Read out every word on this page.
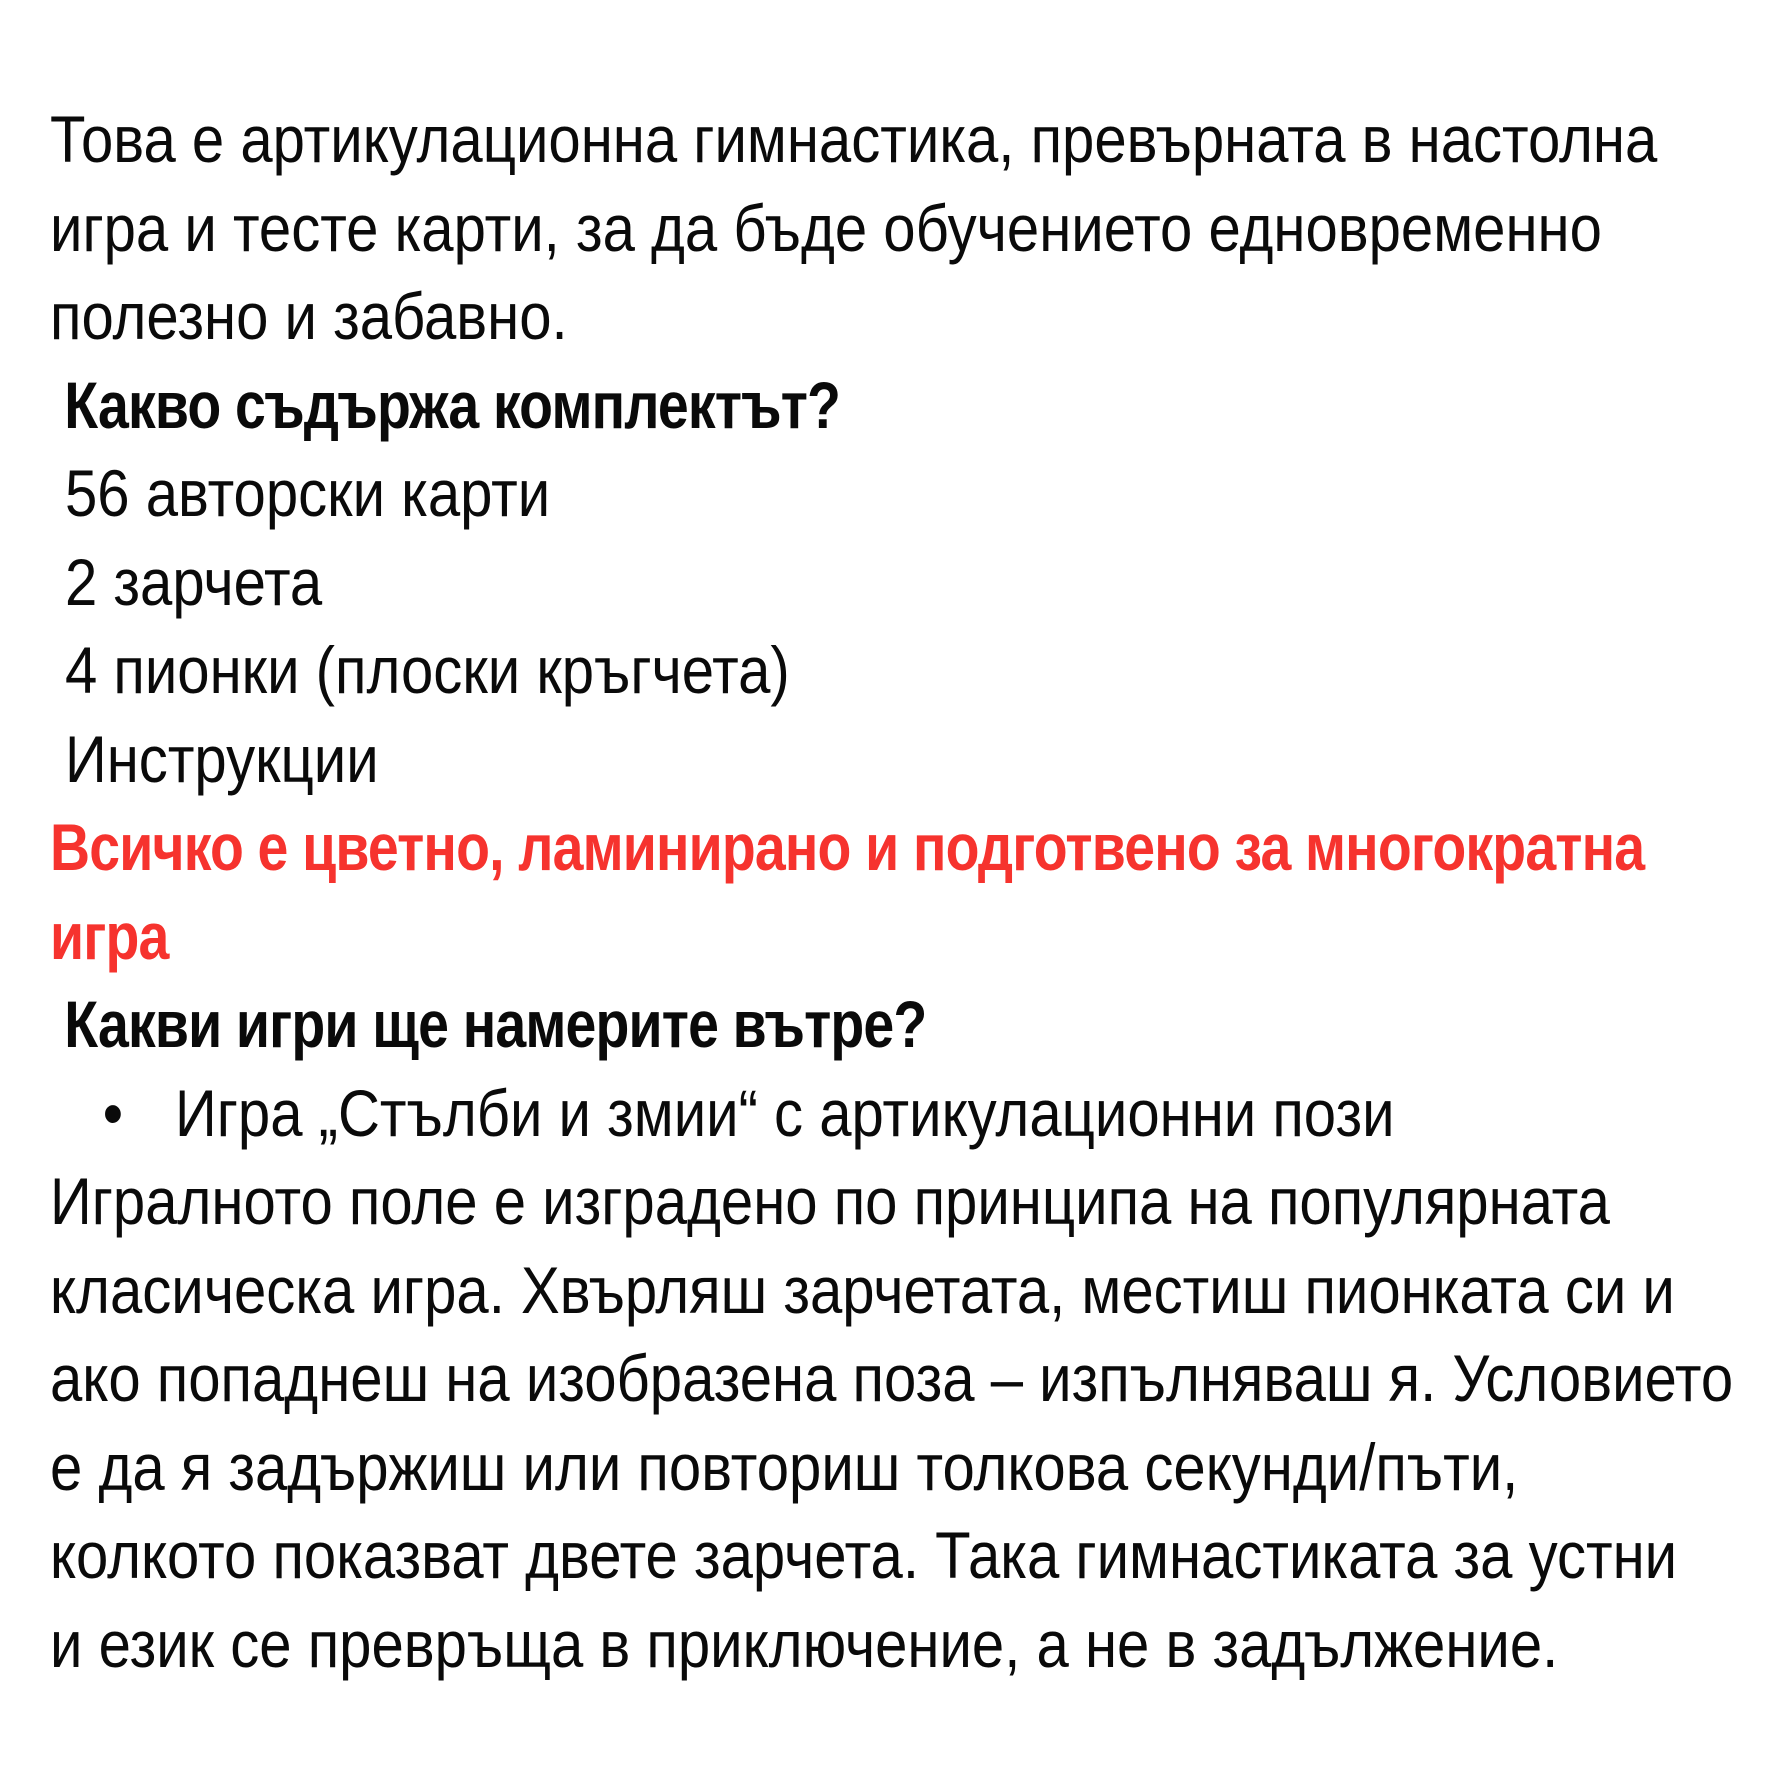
Това е артикулационна гимнастика, превърната в настолна
игра и тесте карти, за да бъде обучението едновременно
полезно и забавно.
Какво съдържа комплектът?
56 авторски карти
2 зарчета
4 пионки (плоски кръгчета)
Инструкции
Всичко е цветно, ламинирано и подготвено за многократна
игра
Какви игри ще намерите вътре?
• Игра „Стълби и змии“ с артикулационни пози
Игралното поле е изградено по принципа на популярната
класическа игра. Хвърляш зарчетата, местиш пионката си и
ако попаднеш на изобразена поза – изпълняваш я. Условието
е да я задържиш или повториш толкова секунди/пъти,
колкото показват двете зарчета. Така гимнастиката за устни
и език се превръща в приключение, а не в задължение.
